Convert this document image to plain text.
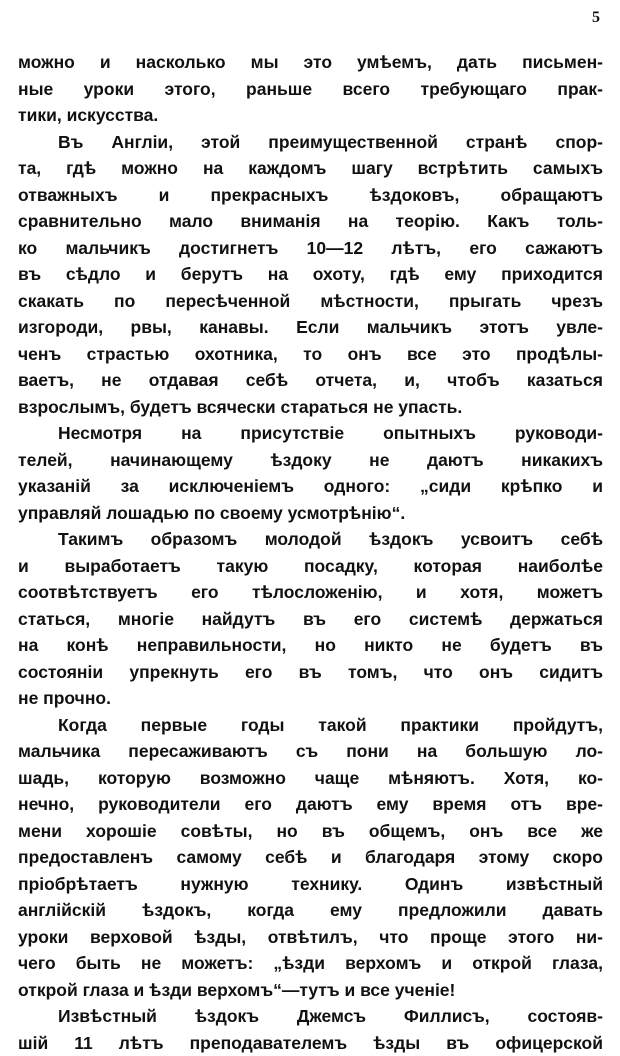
5
можно и насколько мы это умѣемъ, дать письмен-
ные уроки этого, раньше всего требующаго прак-
тики, искусства.
Въ Англіи, этой преимущественной странѣ спор-
та, гдѣ можно на каждомъ шагу встрѣтить самыхъ
отважныхъ и прекрасныхъ ѣздоковъ, обращаютъ
сравнительно мало вниманія на теорію. Какъ толь-
ко мальчикъ достигнетъ 10—12 лѣтъ, его сажаютъ
въ сѣдло и берутъ на охоту, гдѣ ему приходится
скакать по пересѣченной мѣстности, прыгать чрезъ
изгороди, рвы, канавы. Если мальчикъ этотъ увле-
ченъ страстью охотника, то онъ все это продѣлы-
ваетъ, не отдавая себѣ отчета, и, чтобъ казаться
взрослымъ, будетъ всячески стараться не упасть.
Несмотря на присутствіе опытныхъ руководи-
телей, начинающему ѣздоку не даютъ никакихъ
указаній за исключеніемъ одного: „сиди крѣпко и
управляй лошадью по своему усмотрѣнію“.
Такимъ образомъ молодой ѣздокъ усвоитъ себѣ
и выработаетъ такую посадку, которая наиболѣе
соотвѣтствуетъ его тѣлосложенію, и хотя, можетъ
статься, многіе найдутъ въ его системѣ держаться
на конѣ неправильности, но никто не будетъ въ
состояніи упрекнуть его въ томъ, что онъ сидитъ
не прочно.
Когда первые годы такой практики пройдутъ,
мальчика пересаживаютъ съ пони на большую ло-
шадь, которую возможно чаще мѣняютъ. Хотя, ко-
нечно, руководители его даютъ ему время отъ вре-
мени хорошіе совѣты, но въ общемъ, онъ все же
предоставленъ самому себѣ и благодаря этому скоро
пріобрѣтаетъ нужную технику. Одинъ извѣстный
англійскій ѣздокъ, когда ему предложили давать
уроки верховой ѣзды, отвѣтилъ, что проще этого ни-
чего быть не можетъ: „ѣзди верхомъ и открой глаза,
открой глаза и ѣзди верхомъ“—тутъ и все ученіе!
Извѣстный ѣздокъ Джемсъ Филлисъ, состояв-
шій 11 лѣтъ преподавателемъ ѣзды въ офицерской
